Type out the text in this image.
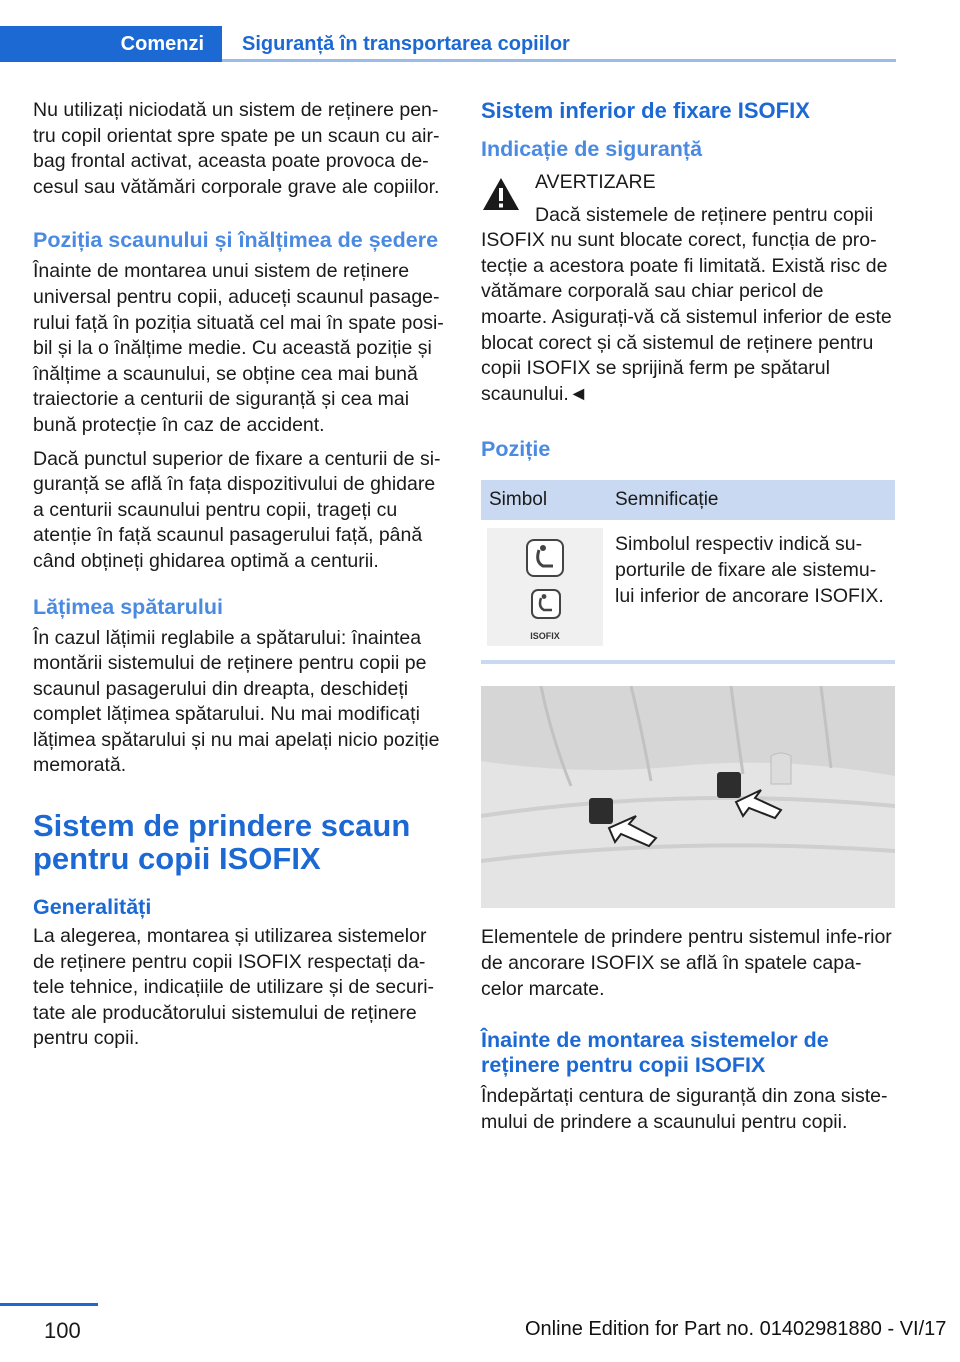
Comenzi	Siguranță în transportarea copiilor

Nu utilizați niciodată un sistem de reținere pen-tru copil orientat spre spate pe un scaun cu air-bag frontal activat, aceasta poate provoca de-cesul sau vătămări corporale grave ale copiilor.

Poziția scaunului și înălțimea de ședere

Înainte de montarea unui sistem de reținere universal pentru copii, aduceți scaunul pasage-rului față în poziția situată cel mai în spate posi-bil și la o înălțime medie. Cu această poziție și înălțime a scaunului, se obține cea mai bună traiectorie a centurii de siguranță și cea mai bună protecție în caz de accident.

Dacă punctul superior de fixare a centurii de si-guranță se află în fața dispozitivului de ghidare a centurii scaunului pentru copii, trageți cu atenție în față scaunul pasagerului față, până când obțineți ghidarea optimă a centurii.

Lățimea spătarului

În cazul lățimii reglabile a spătarului: înaintea montării sistemului de reținere pentru copii pe scaunul pasagerului din dreapta, deschideți complet lățimea spătarului. Nu mai modificați lățimea spătarului și nu mai apelați nicio poziție memorată.

Sistem de prindere scaun pentru copii ISOFIX
Generalități

La alegerea, montarea și utilizarea sistemelor de reținere pentru copii ISOFIX respectați da-tele tehnice, indicațiile de utilizare și de securi-tate ale producătorului sistemului de reținere pentru copii.

Sistem inferior de fixare ISOFIX
Indicație de siguranță
AVERTIZARE
Dacă sistemele de reținere pentru copii

ISOFIX nu sunt blocate corect, funcția de pro-tecție a acestora poate fi limitată. Există risc de vătămare corporală sau chiar pericol de moarte. Asigurați-vă că sistemul inferior de este blocat corect și că sistemul de reținere pentru copii ISOFIX se sprijină ferm pe spătarul scaunului.◄

Poziție
Simbol	Semnificație

ISOFIX	Simbolul respectiv indică su-porturile de fixare ale sistemu-lui inferior de ancorare ISOFIX.

Elementele de prindere pentru sistemul infe-rior de ancorare ISOFIX se află în spatele capa-celor marcate.

Înainte de montarea sistemelor de reținere pentru copii ISOFIX

Îndepărtați centura de siguranță din zona siste-mului de prindere a scaunului pentru copii.

100	Online Edition for Part no. 01402981880 - VI/17
